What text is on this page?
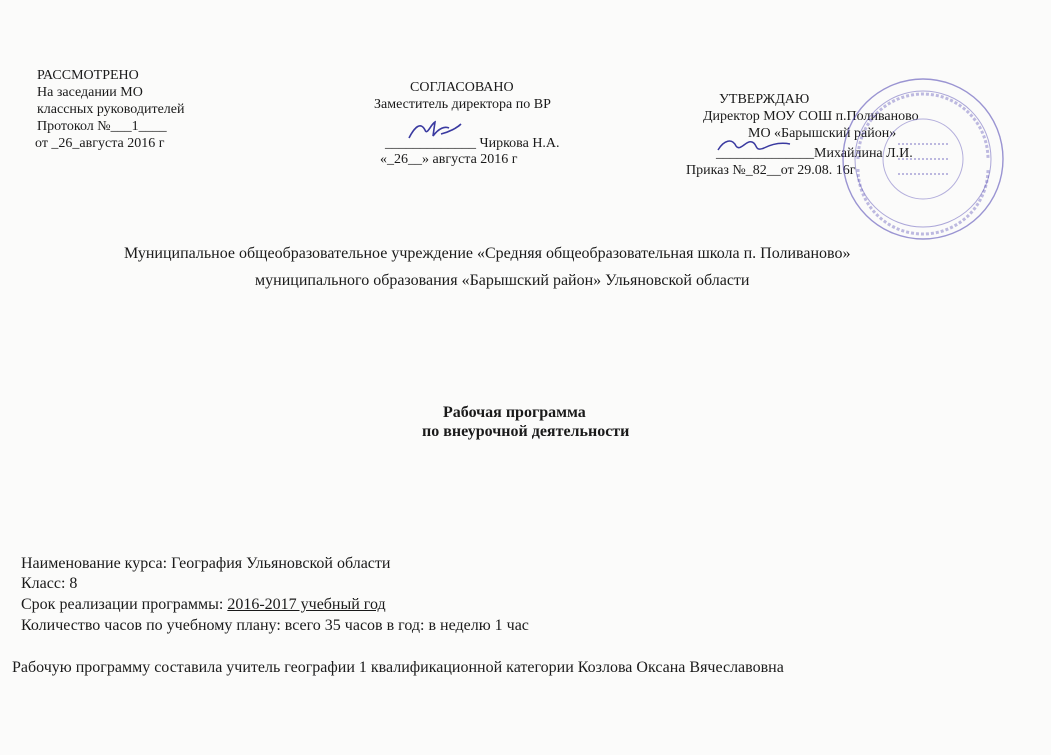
РАССМОТРЕНО
На заседании МО
классных руководителей
Протокол №___1____
от _26_августа 2016 г
СОГЛАСОВАНО
Заместитель директора по ВР
_____________ Чиркова Н.А.
«_26__» августа 2016 г
УТВЕРЖДАЮ
Директор МОУ СОШ п.Поливаново
МО «Барышский район»
______________Михайлина Л.И.
Приказ №_82__от 29.08. 16г
Муниципальное общеобразовательное учреждение «Средняя общеобразовательная школа п. Поливаново»
муниципального образования «Барышский район» Ульяновской области
Рабочая программа
по внеурочной деятельности
Наименование курса: География Ульяновской области
Класс: 8
Срок реализации программы: 2016-2017 учебный год
Количество часов по учебному плану: всего 35 часов в год: в неделю 1 час
Рабочую программу составила учитель географии 1 квалификационной категории Козлова Оксана Вячеславовна
